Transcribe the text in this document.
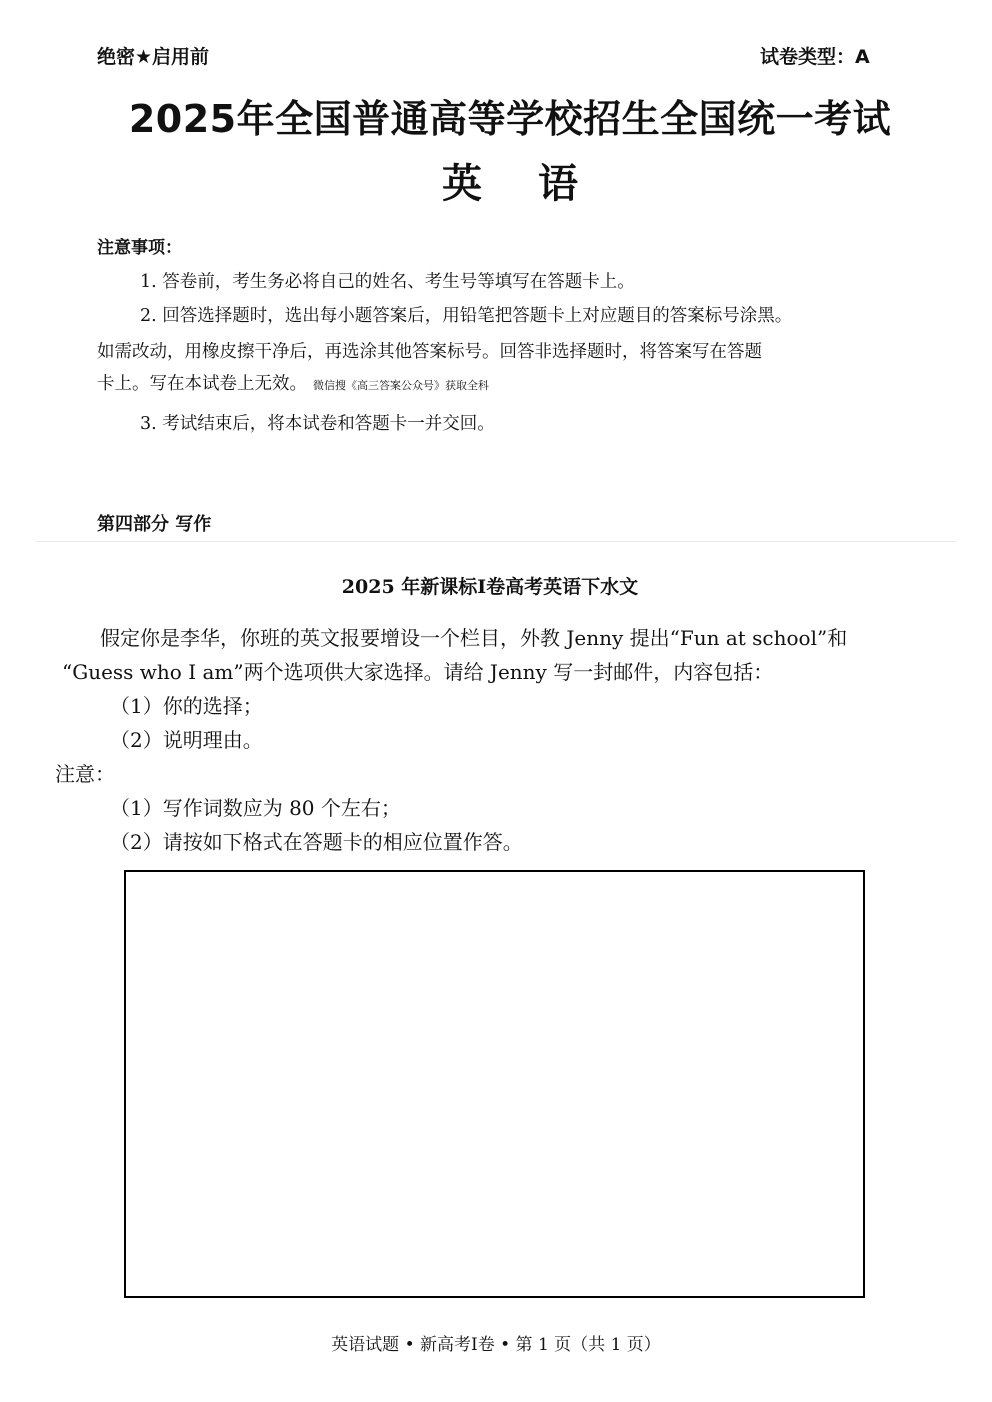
绝密★启用前	试卷类型：A
2025年全国普通高等学校招生全国统一考试
英语
注意事项：
1. 答卷前，考生务必将自己的姓名、考生号等填写在答题卡上。
2. 回答选择题时，选出每小题答案后，用铅笔把答题卡上对应题目的答案标号涂黑。
如需改动，用橡皮擦干净后，再选涂其他答案标号。回答非选择题时，将答案写在答题
卡上。写在本试卷上无效。 微信搜《高三答案公众号》获取全科
3. 考试结束后，将本试卷和答题卡一并交回。
第四部分 写作
2025 年新课标I卷高考英语下水文
假定你是李华，你班的英文报要增设一个栏目，外教 Jenny 提出“Fun at school”和
“Guess who I am”两个选项供大家选择。请给 Jenny 写一封邮件，内容包括：
（1）你的选择；
（2）说明理由。
注意：
（1）写作词数应为 80 个左右；
（2）请按如下格式在答题卡的相应位置作答。
英语试题 • 新高考I卷 • 第 1 页（共 1 页）
